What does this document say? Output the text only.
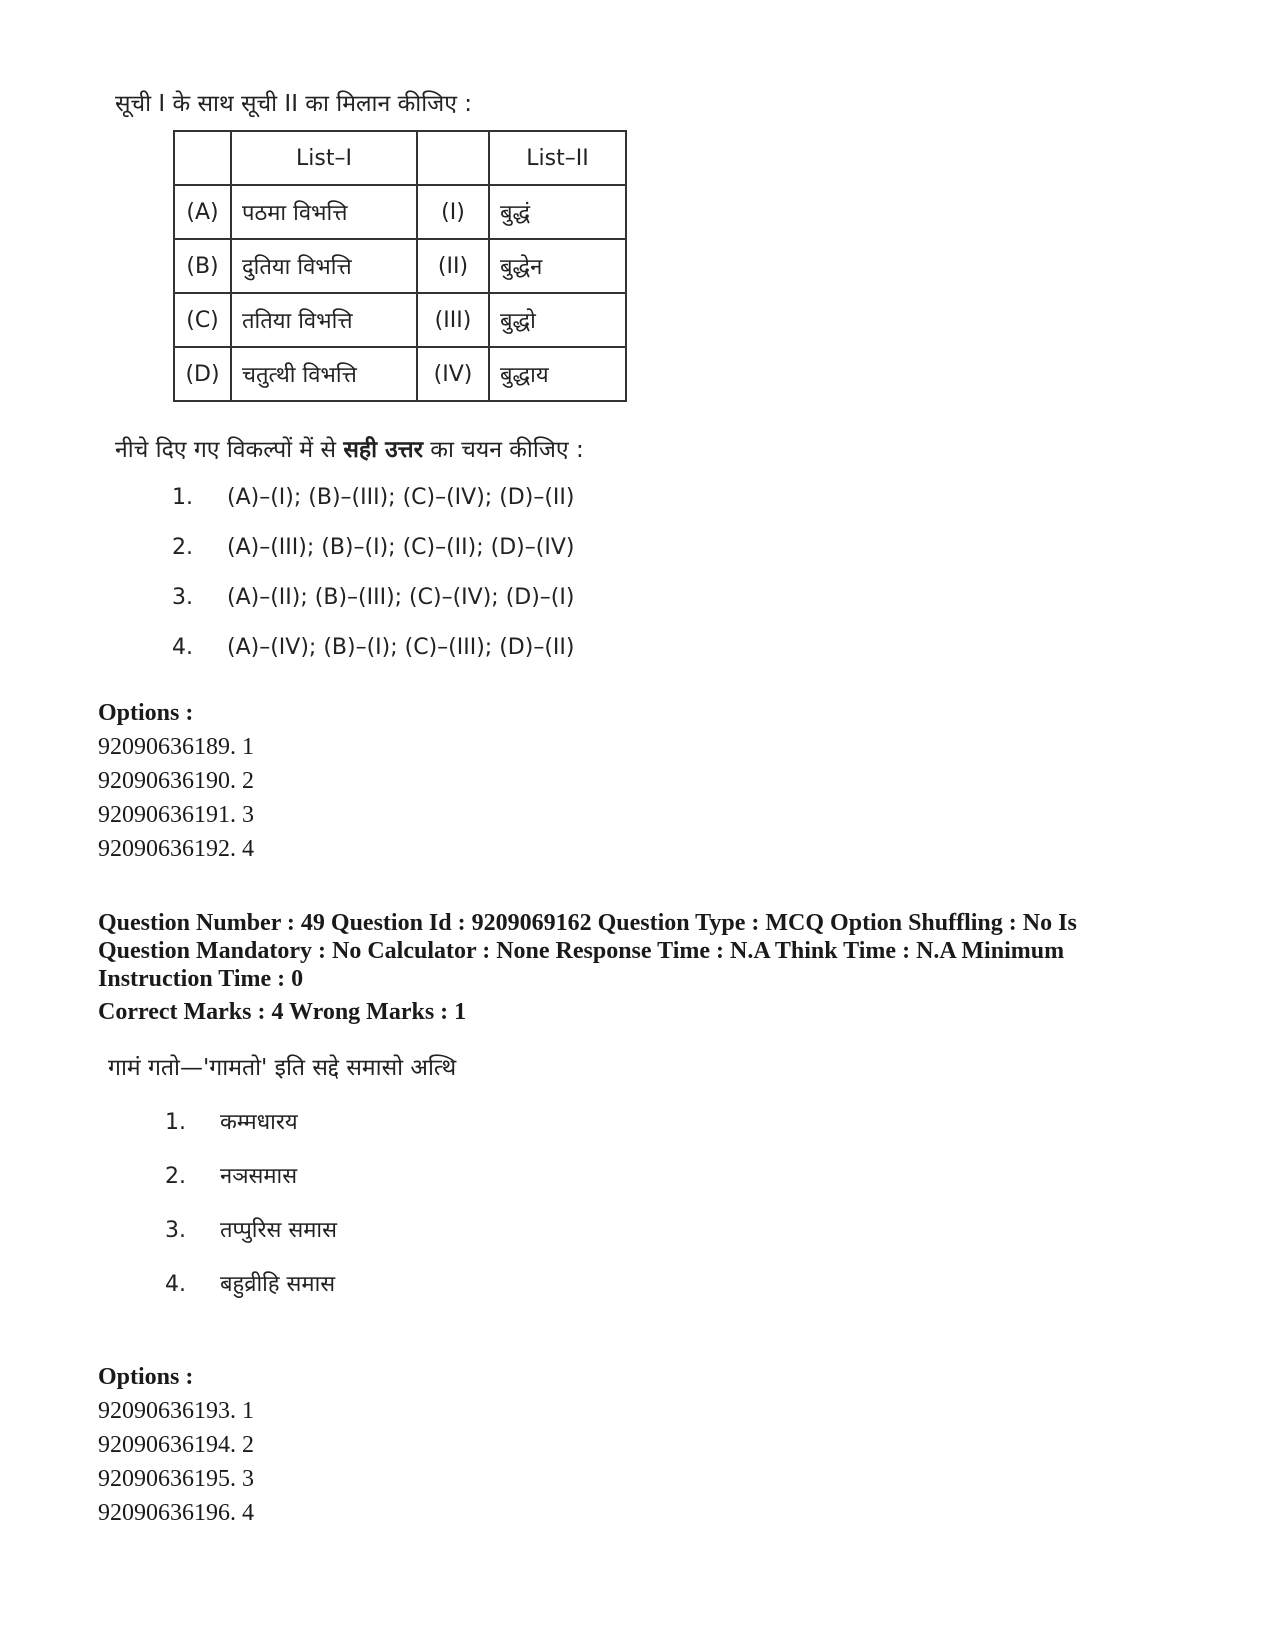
सूची I के साथ सूची II का मिलान कीजिए :
	List–I		List–II
(A)	पठमा विभत्ति	(I)	बुद्धं
(B)	दुतिया विभत्ति	(II)	बुद्धेन
(C)	ततिया विभत्ति	(III)	बुद्धो
(D)	चतुत्थी विभत्ति	(IV)	बुद्धाय
नीचे दिए गए विकल्पों में से सही उत्तर का चयन कीजिए :
1. (A)–(I); (B)–(III); (C)–(IV); (D)–(II)
2. (A)–(III); (B)–(I); (C)–(II); (D)–(IV)
3. (A)–(II); (B)–(III); (C)–(IV); (D)–(I)
4. (A)–(IV); (B)–(I); (C)–(III); (D)–(II)
Options :
92090636189. 1
92090636190. 2
92090636191. 3
92090636192. 4
Question Number : 49 Question Id : 9209069162 Question Type : MCQ Option Shuffling : No Is
Question Mandatory : No Calculator : None Response Time : N.A Think Time : N.A Minimum
Instruction Time : 0
Correct Marks : 4 Wrong Marks : 1
गामं गतो—'गामतो' इति सद्दे समासो अत्थि
1. कम्मधारय
2. नञसमास
3. तप्पुरिस समास
4. बहुव्रीहि समास
Options :
92090636193. 1
92090636194. 2
92090636195. 3
92090636196. 4
